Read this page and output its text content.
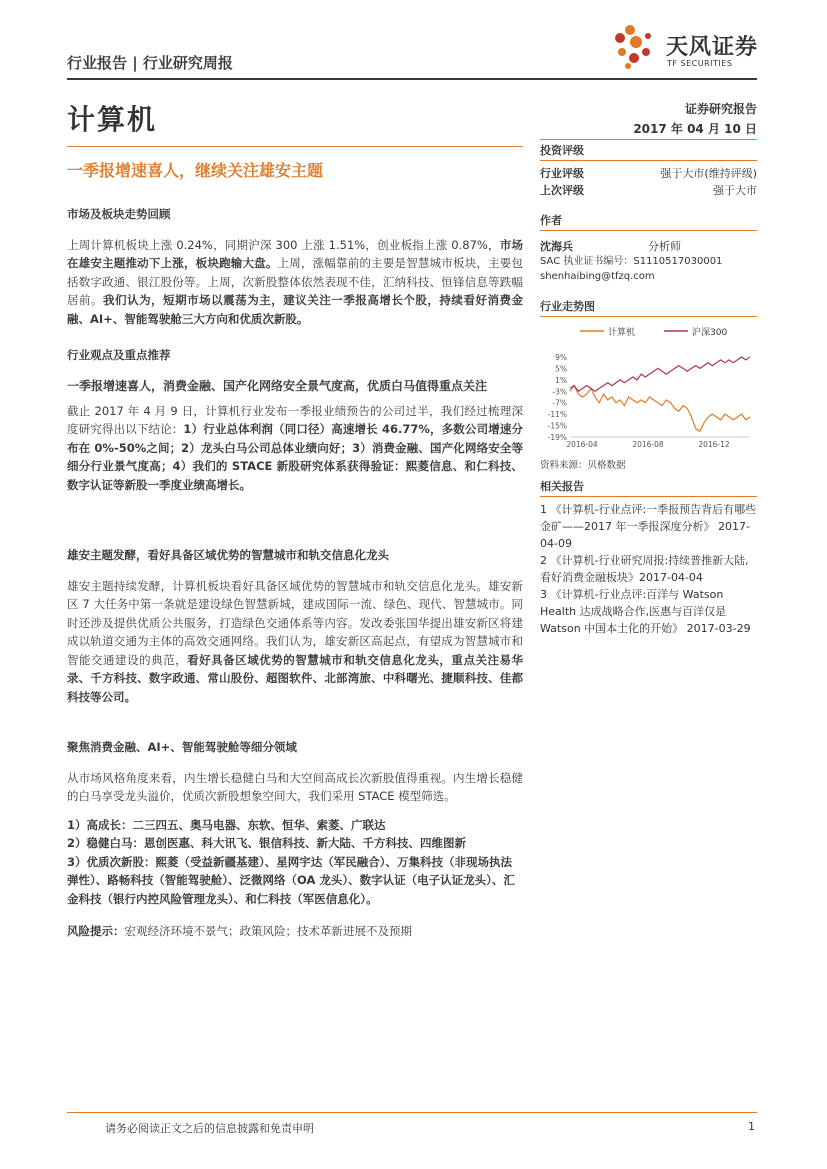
行业报告 | 行业研究周报
天风证券
TF SECURITIES
计算机	证券研究报告
2017 年 04 月 10 日
一季报增速喜人，继续关注雄安主题
市场及板块走势回顾

上周计算机板块上涨 0.24%，同期沪深 300 上涨 1.51%，创业板指上涨 0.87%，市场在雄安主题推动下上涨，板块跑输大盘。上周，涨幅靠前的主要是智慧城市板块，主要包括数字政通、银江股份等。上周，次新股整体依然表现不佳，汇纳科技、恒锋信息等跌幅居前。我们认为，短期市场以震荡为主，建议关注一季报高增长个股，持续看好消费金融、AI+、智能驾驶舱三大方向和优质次新股。

行业观点及重点推荐

一季报增速喜人，消费金融、国产化网络安全景气度高，优质白马值得重点关注

截止 2017 年 4 月 9 日，计算机行业发布一季报业绩预告的公司过半，我们经过梳理深度研究得出以下结论：1）行业总体利润（同口径）高速增长 46.77%，多数公司增速分布在 0%-50%之间；2）龙头白马公司总体业绩向好；3）消费金融、国产化网络安全等细分行业景气度高；4）我们的 STACE 新股研究体系获得验证：熙菱信息、和仁科技、数字认证等新股一季度业绩高增长。

雄安主题发酵，看好具备区域优势的智慧城市和轨交信息化龙头

雄安主题持续发酵，计算机板块看好具备区域优势的智慧城市和轨交信息化龙头。雄安新区 7 大任务中第一条就是建设绿色智慧新城，建成国际一流、绿色、现代、智慧城市。同时还涉及提供优质公共服务，打造绿色交通体系等内容。发改委张国华提出雄安新区将建成以轨道交通为主体的高效交通网络。我们认为，雄安新区高起点，有望成为智慧城市和智能交通建设的典范，看好具备区域优势的智慧城市和轨交信息化龙头，重点关注易华录、千方科技、数字政通、常山股份、超图软件、北部湾旅、中科曙光、捷顺科技、佳都科技等公司。

聚焦消费金融、AI+、智能驾驶舱等细分领域

从市场风格角度来看，内生增长稳健白马和大空间高成长次新股值得重视。内生增长稳健的白马享受龙头溢价，优质次新股想象空间大，我们采用 STACE 模型筛选。

1）高成长：二三四五、奥马电器、东软、恒华、索菱、广联达

2）稳健白马：恩创医惠、科大讯飞、银信科技、新大陆、千方科技、四维图新

3）优质次新股：熙菱（受益新疆基建）、星网宇达（军民融合）、万集科技（非现场执法弹性）、路畅科技（智能驾驶舱）、泛微网络（OA 龙头）、数字认证（电子认证龙头）、汇金科技（银行内控风险管理龙头）、和仁科技（军医信息化）。

风险提示：宏观经济环境不景气；政策风险；技术革新进展不及预期

投资评级
行业评级	强于大市(维持评级)
上次评级	强于大市
作者
沈海兵	分析师
SAC 执业证书编号：S1110517030001
shenhaibing@tfzq.com
行业走势图
计算机	沪深300
9%
5%
1%
-3%
-7%
-11%
-15%
-19%
2016-04	2016-08	2016-12
资料来源：贝格数据
相关报告
1 《计算机-行业点评:一季报预告背后有哪些金矿——2017 年一季报深度分析》 2017-04-09
2 《计算机-行业研究周报:持续普推新大陆,看好消费金融板块》2017-04-04
3 《计算机-行业点评:百洋与 Watson Health 达成战略合作,医惠与百洋仅是 Watson 中国本土化的开始》 2017-03-29
请务必阅读正文之后的信息披露和免责申明	1
